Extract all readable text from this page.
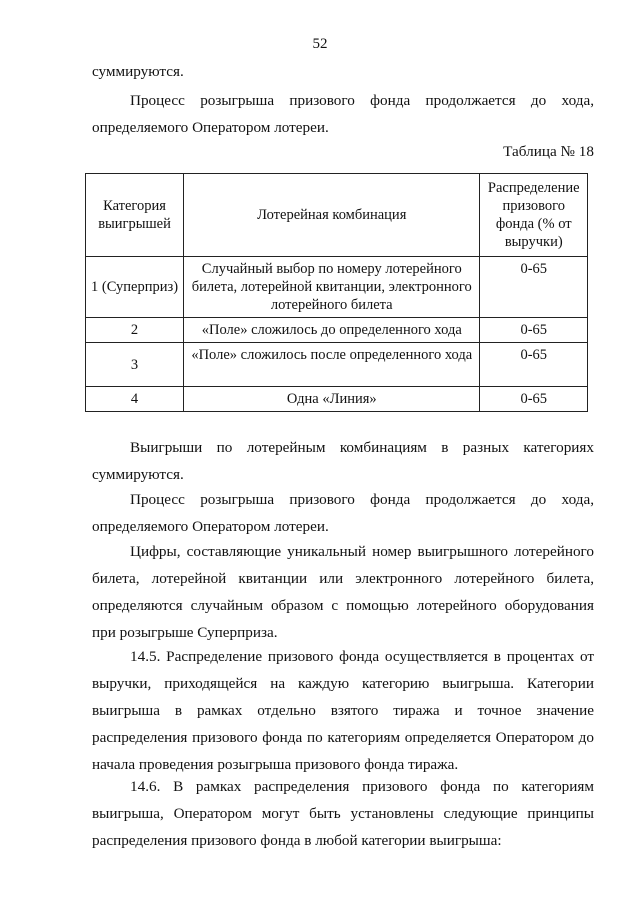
52

суммируются.

Процесс розыгрыша призового фонда продолжается до хода, определяемого Оператором лотереи.

Таблица № 18
Категория выигрышей	Лотерейная комбинация	Распределение призового фонда (% от выручки)
1 (Суперприз)	Случайный выбор по номеру лотерейного билета, лотерейной квитанции, электронного лотерейного билета	0-65
2	«Поле» сложилось до определенного хода	0-65
3	«Поле» сложилось после определенного хода	0-65
4	Одна «Линия»	0-65

Выигрыши по лотерейным комбинациям в разных категориях суммируются.

Процесс розыгрыша призового фонда продолжается до хода, определяемого Оператором лотереи.

Цифры, составляющие уникальный номер выигрышного лотерейного билета, лотерейной квитанции или электронного лотерейного билета, определяются случайным образом с помощью лотерейного оборудования при розыгрыше Суперприза.

14.5. Распределение призового фонда осуществляется в процентах от выручки, приходящейся на каждую категорию выигрыша. Категории выигрыша в рамках отдельно взятого тиража и точное значение распределения призового фонда по категориям определяется Оператором до начала проведения розыгрыша призового фонда тиража.

14.6. В рамках распределения призового фонда по категориям выигрыша, Оператором могут быть установлены следующие принципы распределения призового фонда в любой категории выигрыша:
